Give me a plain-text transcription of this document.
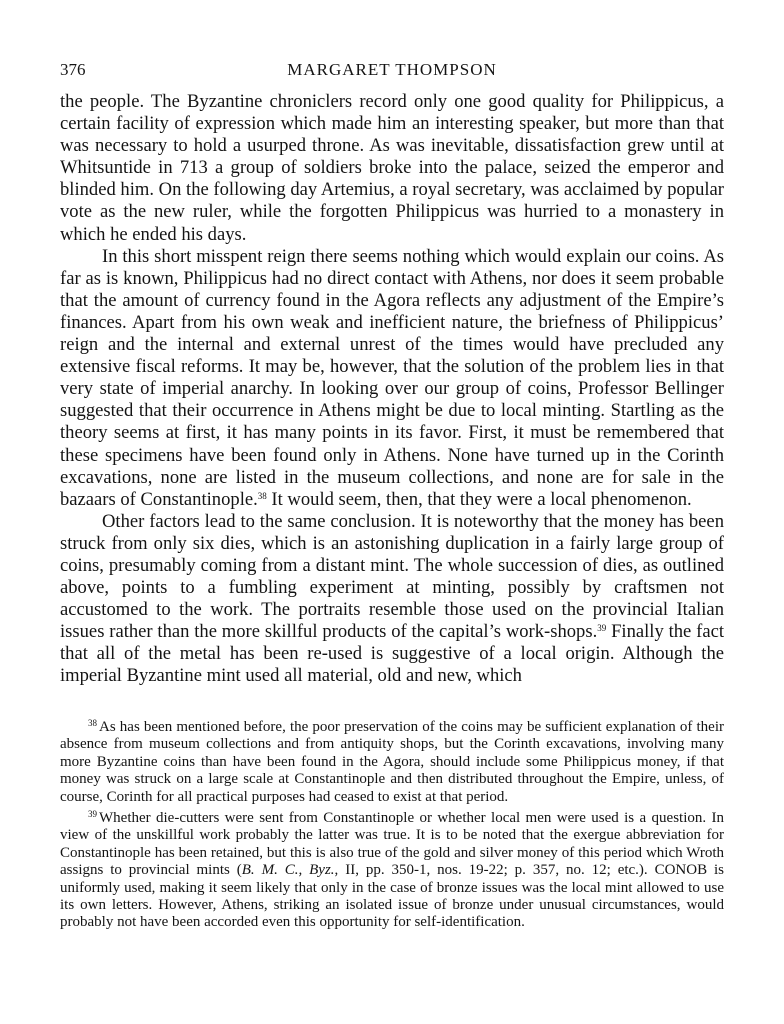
376	MARGARET THOMPSON

the people. The Byzantine chroniclers record only one good quality for Philippicus, a certain facility of expression which made him an interesting speaker, but more than that was necessary to hold a usurped throne. As was inevitable, dissatisfaction grew until at Whitsuntide in 713 a group of soldiers broke into the palace, seized the emperor and blinded him. On the following day Artemius, a royal secretary, was acclaimed by popular vote as the new ruler, while the forgotten Philippicus was hurried to a monastery in which he ended his days.

In this short misspent reign there seems nothing which would explain our coins. As far as is known, Philippicus had no direct contact with Athens, nor does it seem probable that the amount of currency found in the Agora reflects any adjustment of the Empire’s finances. Apart from his own weak and inefficient nature, the briefness of Philippicus’ reign and the internal and external unrest of the times would have precluded any extensive fiscal reforms. It may be, however, that the solution of the problem lies in that very state of imperial anarchy. In looking over our group of coins, Professor Bellinger suggested that their occurrence in Athens might be due to local minting. Startling as the theory seems at first, it has many points in its favor. First, it must be remembered that these specimens have been found only in Athens. None have turned up in the Corinth excavations, none are listed in the museum collections, and none are for sale in the bazaars of Constantinople.$^{38}$ It would seem, then, that they were a local phenomenon.

Other factors lead to the same conclusion. It is noteworthy that the money has been struck from only six dies, which is an astonishing duplication in a fairly large group of coins, presumably coming from a distant mint. The whole succession of dies, as outlined above, points to a fumbling experiment at minting, possibly by craftsmen not accustomed to the work. The portraits resemble those used on the provincial Italian issues rather than the more skillful products of the capital’s work-shops.$^{39}$ Finally the fact that all of the metal has been re-used is suggestive of a local origin. Although the imperial Byzantine mint used all material, old and new, which

$^{38}$ As has been mentioned before, the poor preservation of the coins may be sufficient explanation of their absence from museum collections and from antiquity shops, but the Corinth excavations, involving many more Byzantine coins than have been found in the Agora, should include some Philippicus money, if that money was struck on a large scale at Constantinople and then distributed throughout the Empire, unless, of course, Corinth for all practical purposes had ceased to exist at that period.

$^{39}$ Whether die-cutters were sent from Constantinople or whether local men were used is a question. In view of the unskillful work probably the latter was true. It is to be noted that the exergue abbreviation for Constantinople has been retained, but this is also true of the gold and silver money of this period which Wroth assigns to provincial mints (B. M. C., Byz., II, pp. 350-1, nos. 19-22; p. 357, no. 12; etc.). CONOB is uniformly used, making it seem likely that only in the case of bronze issues was the local mint allowed to use its own letters. However, Athens, striking an isolated issue of bronze under unusual circumstances, would probably not have been accorded even this opportunity for self-identification.
